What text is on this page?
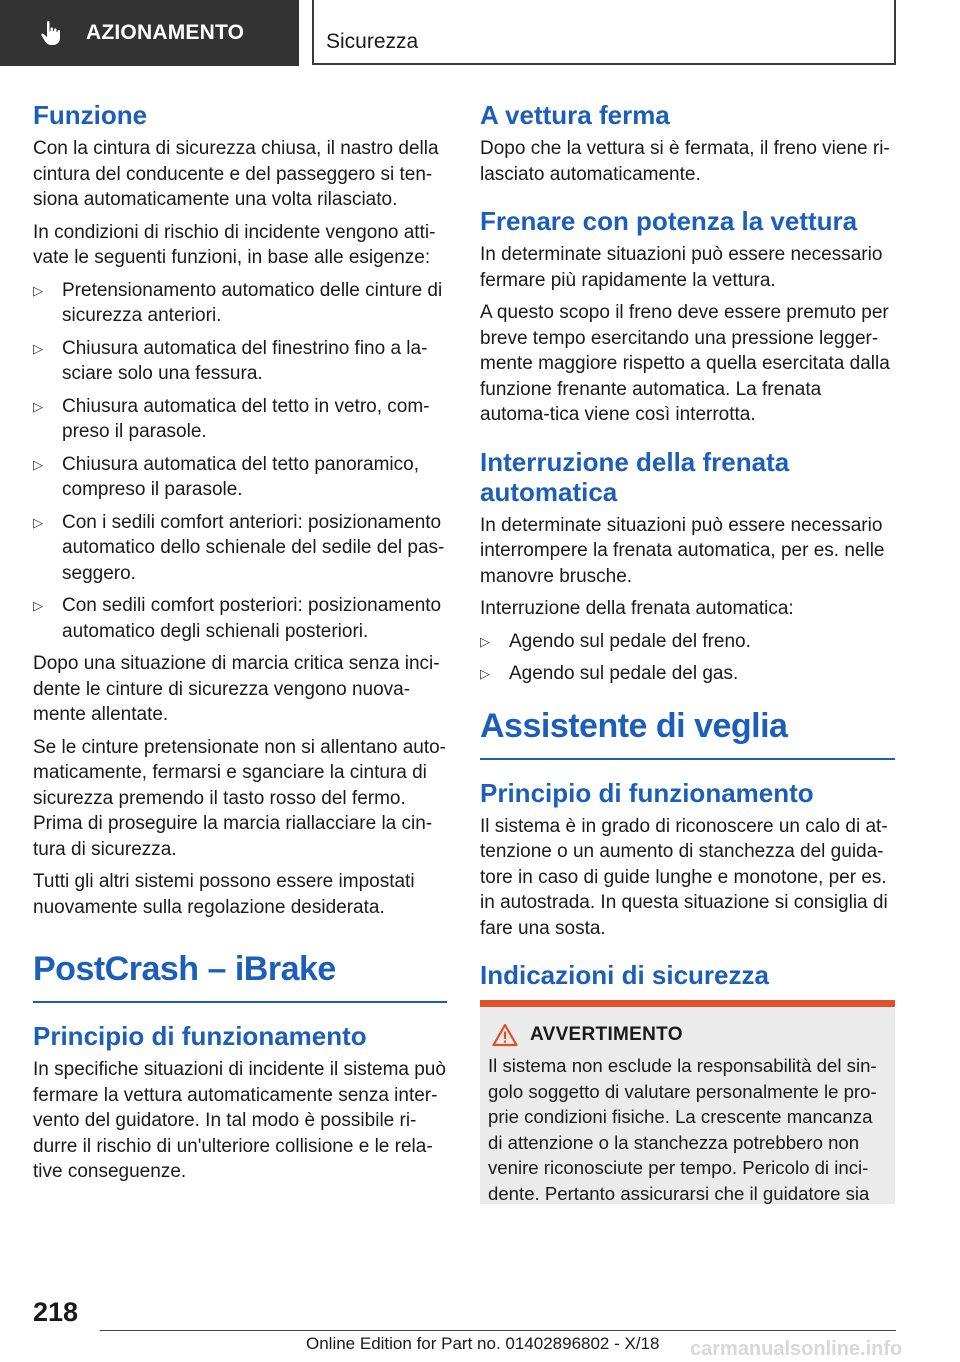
AZIONAMENTO	Sicurezza
Funzione

Con la cintura di sicurezza chiusa, il nastro della cintura del conducente e del passeggero si ten-siona automaticamente una volta rilasciato.

In condizioni di rischio di incidente vengono atti-vate le seguenti funzioni, in base alle esigenze:

▷ Pretensionamento automatico delle cinture di sicurezza anteriori.
▷ Chiusura automatica del finestrino fino a la-sciare solo una fessura.
▷ Chiusura automatica del tetto in vetro, com-preso il parasole.
▷ Chiusura automatica del tetto panoramico, compreso il parasole.
▷ Con i sedili comfort anteriori: posizionamento automatico dello schienale del sedile del pas-seggero.
▷ Con sedili comfort posteriori: posizionamento automatico degli schienali posteriori.

Dopo una situazione di marcia critica senza inci-dente le cinture di sicurezza vengono nuova-mente allentate.

Se le cinture pretensionate non si allentano auto-maticamente, fermarsi e sganciare la cintura di sicurezza premendo il tasto rosso del fermo. Prima di proseguire la marcia riallacciare la cin-tura di sicurezza.

Tutti gli altri sistemi possono essere impostati nuovamente sulla regolazione desiderata.

PostCrash – iBrake
Principio di funzionamento

In specifiche situazioni di incidente il sistema può fermare la vettura automaticamente senza inter-vento del guidatore. In tal modo è possibile ri-durre il rischio di un'ulteriore collisione e le rela-tive conseguenze.

A vettura ferma

Dopo che la vettura si è fermata, il freno viene ri-lasciato automaticamente.

Frenare con potenza la vettura

In determinate situazioni può essere necessario fermare più rapidamente la vettura.

A questo scopo il freno deve essere premuto per breve tempo esercitando una pressione legger-mente maggiore rispetto a quella esercitata dalla funzione frenante automatica. La frenata automa-tica viene così interrotta.

Interruzione della frenata automatica

In determinate situazioni può essere necessario interrompere la frenata automatica, per es. nelle manovre brusche.

Interruzione della frenata automatica:

▷ Agendo sul pedale del freno.
▷ Agendo sul pedale del gas.
Assistente di veglia
Principio di funzionamento

Il sistema è in grado di riconoscere un calo di at-tenzione o un aumento di stanchezza del guida-tore in caso di guide lunghe e monotone, per es. in autostrada. In questa situazione si consiglia di fare una sosta.

Indicazioni di sicurezza
AVVERTIMENTO

Il sistema non esclude la responsabilità del sin-golo soggetto di valutare personalmente le pro-prie condizioni fisiche. La crescente mancanza di attenzione o la stanchezza potrebbero non venire riconosciute per tempo. Pericolo di inci-dente. Pertanto assicurarsi che il guidatore sia

218
Online Edition for Part no. 01402896802 - X/18 carmanualsonline.info
